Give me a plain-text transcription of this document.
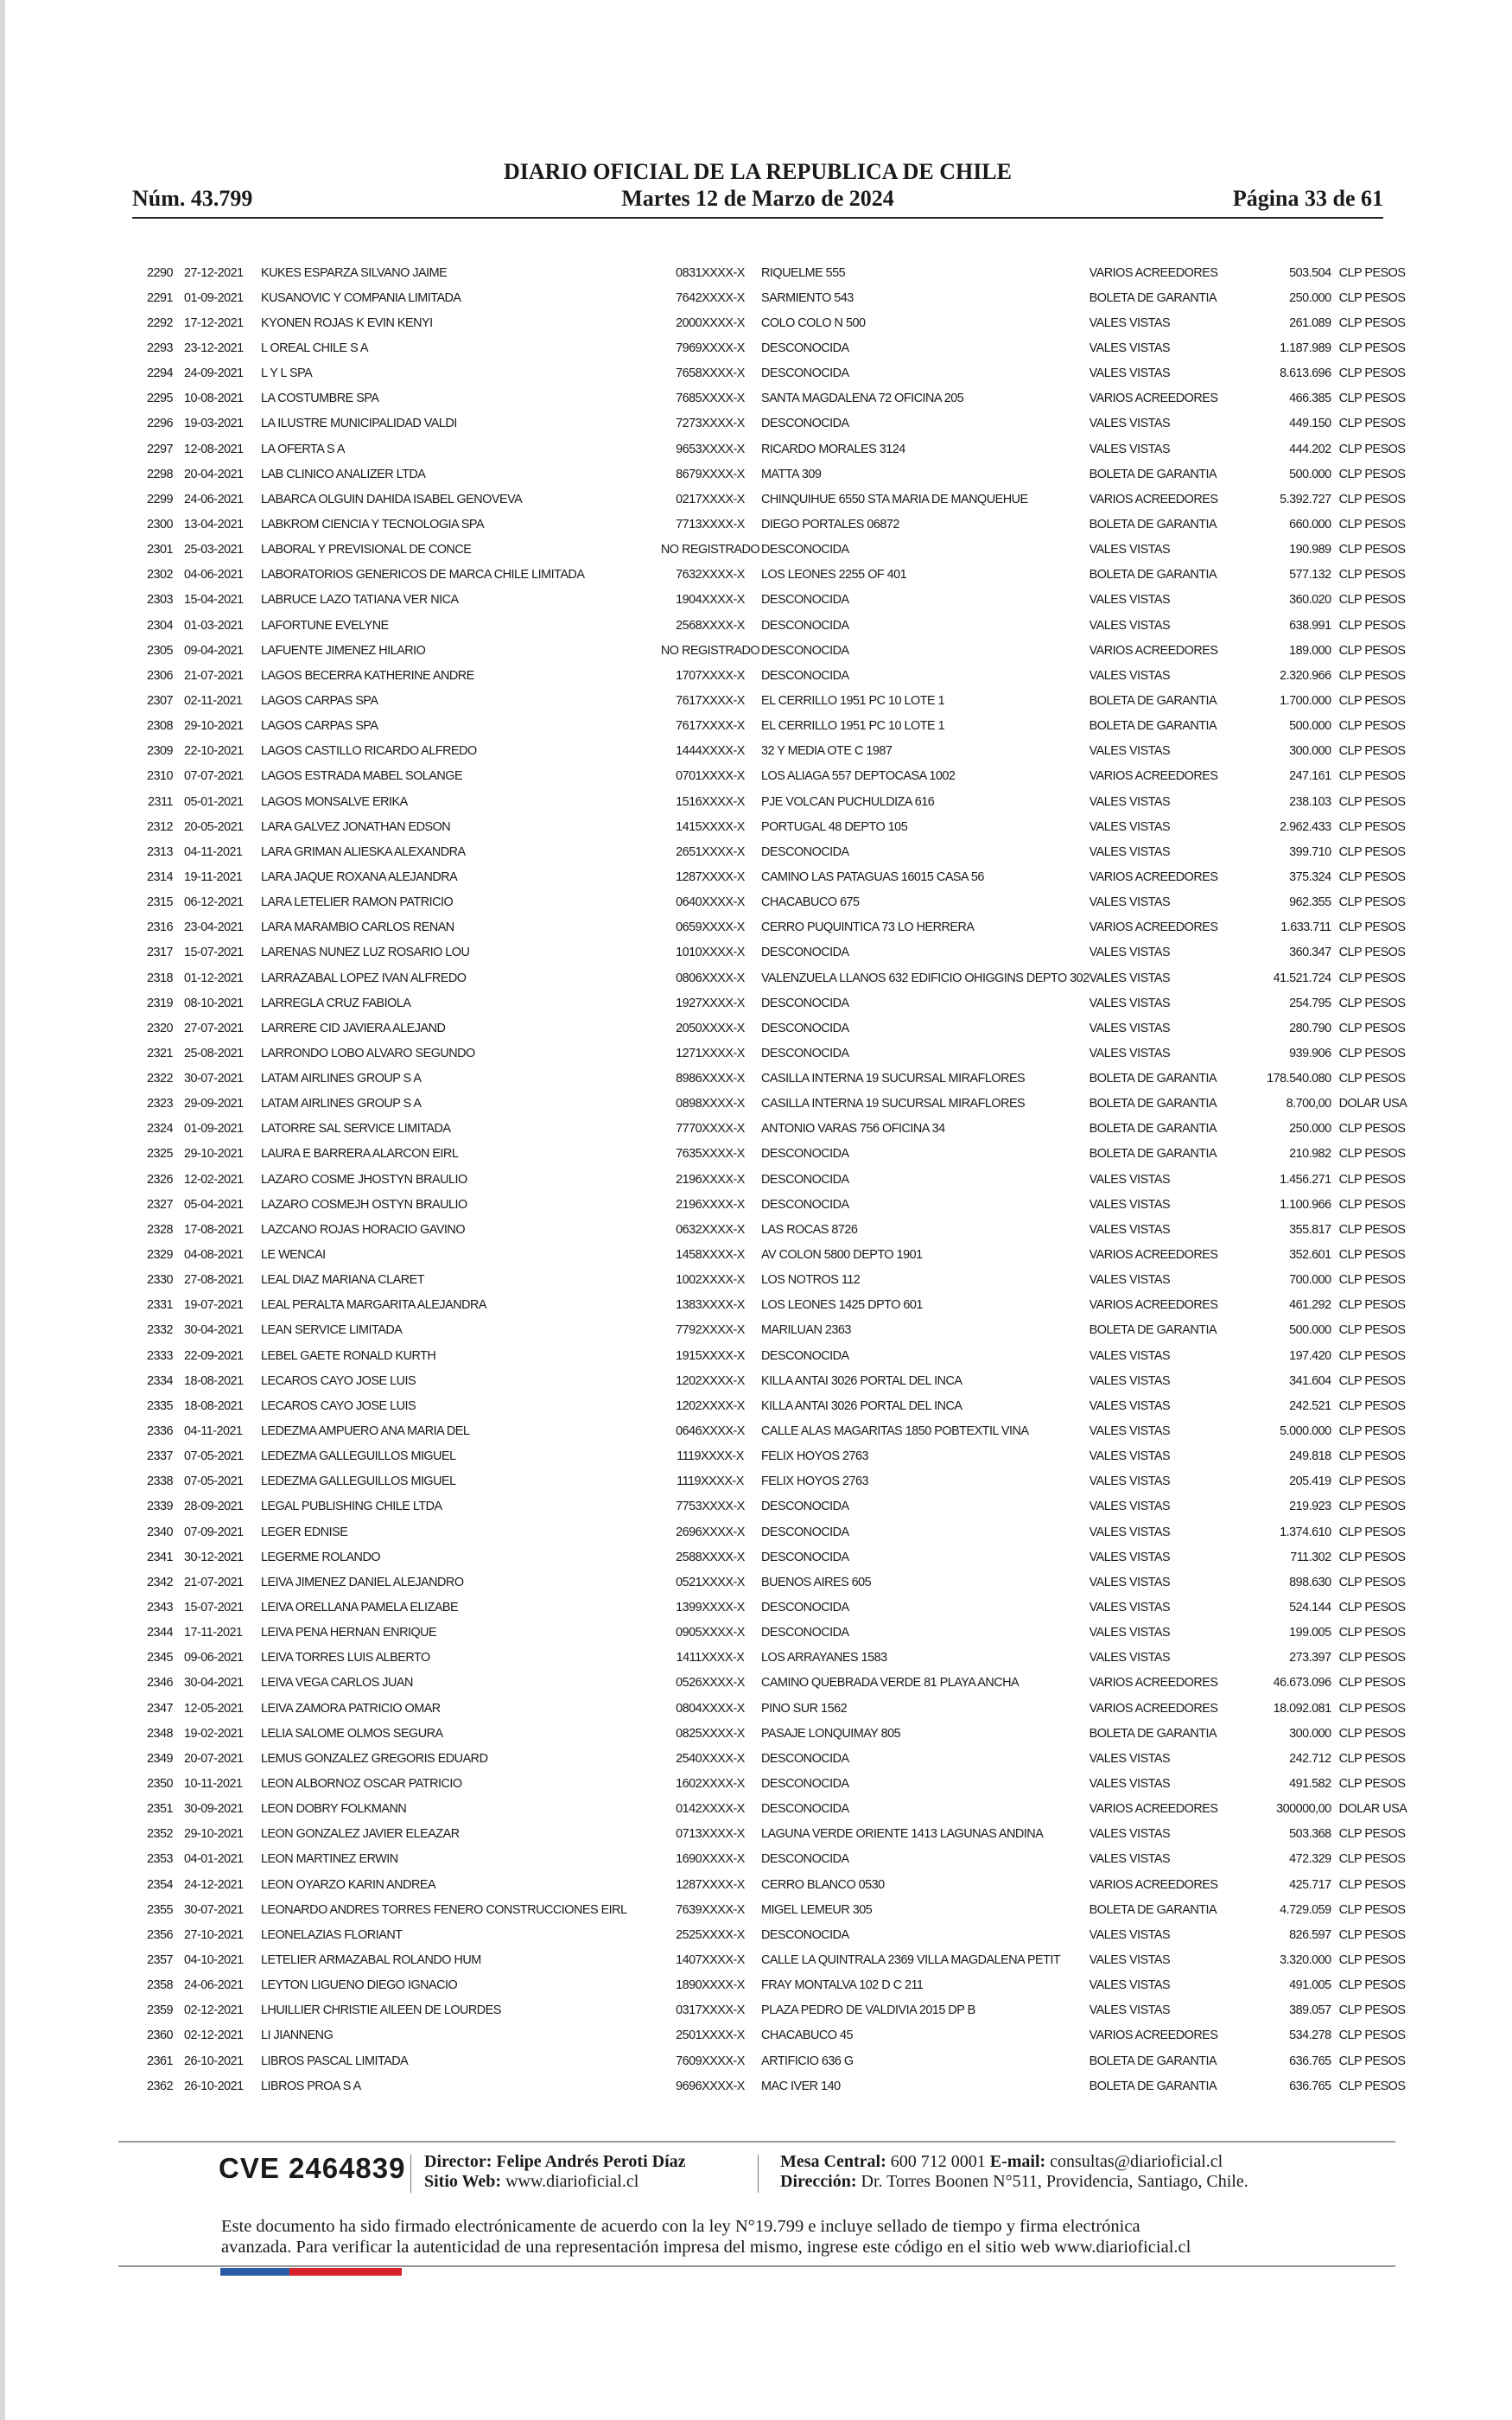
Núm. 43.799
DIARIO OFICIAL DE LA REPUBLICA DE CHILE
Martes 12 de Marzo de 2024	Página 33 de 61
2290	27-12-2021	KUKES ESPARZA SILVANO JAIME	0831XXXX-X	RIQUELME 555	VARIOS ACREEDORES	503.504	CLP PESOS
2291	01-09-2021	KUSANOVIC Y COMPANIA LIMITADA	7642XXXX-X	SARMIENTO 543	BOLETA DE GARANTIA	250.000	CLP PESOS
2292	17-12-2021	KYONEN ROJAS K EVIN KENYI	2000XXXX-X	COLO COLO N 500	VALES VISTAS	261.089	CLP PESOS
2293	23-12-2021	L OREAL CHILE S A	7969XXXX-X	DESCONOCIDA	VALES VISTAS	1.187.989	CLP PESOS
2294	24-09-2021	L Y L SPA	7658XXXX-X	DESCONOCIDA	VALES VISTAS	8.613.696	CLP PESOS
2295	10-08-2021	LA COSTUMBRE SPA	7685XXXX-X	SANTA MAGDALENA 72 OFICINA 205	VARIOS ACREEDORES	466.385	CLP PESOS
2296	19-03-2021	LA ILUSTRE MUNICIPALIDAD VALDI	7273XXXX-X	DESCONOCIDA	VALES VISTAS	449.150	CLP PESOS
2297	12-08-2021	LA OFERTA S A	9653XXXX-X	RICARDO MORALES 3124	VALES VISTAS	444.202	CLP PESOS
2298	20-04-2021	LAB CLINICO ANALIZER LTDA	8679XXXX-X	MATTA 309	BOLETA DE GARANTIA	500.000	CLP PESOS
2299	24-06-2021	LABARCA OLGUIN DAHIDA ISABEL GENOVEVA	0217XXXX-X	CHINQUIHUE 6550 STA MARIA DE MANQUEHUE	VARIOS ACREEDORES	5.392.727	CLP PESOS
2300	13-04-2021	LABKROM CIENCIA Y TECNOLOGIA SPA	7713XXXX-X	DIEGO PORTALES 06872	BOLETA DE GARANTIA	660.000	CLP PESOS
2301	25-03-2021	LABORAL Y PREVISIONAL DE CONCE	NO REGISTRADO	DESCONOCIDA	VALES VISTAS	190.989	CLP PESOS
2302	04-06-2021	LABORATORIOS GENERICOS DE MARCA CHILE LIMITADA	7632XXXX-X	LOS LEONES 2255 OF 401	BOLETA DE GARANTIA	577.132	CLP PESOS
2303	15-04-2021	LABRUCE LAZO TATIANA VER NICA	1904XXXX-X	DESCONOCIDA	VALES VISTAS	360.020	CLP PESOS
2304	01-03-2021	LAFORTUNE EVELYNE	2568XXXX-X	DESCONOCIDA	VALES VISTAS	638.991	CLP PESOS
2305	09-04-2021	LAFUENTE JIMENEZ HILARIO	NO REGISTRADO	DESCONOCIDA	VARIOS ACREEDORES	189.000	CLP PESOS
2306	21-07-2021	LAGOS BECERRA KATHERINE ANDRE	1707XXXX-X	DESCONOCIDA	VALES VISTAS	2.320.966	CLP PESOS
2307	02-11-2021	LAGOS CARPAS SPA	7617XXXX-X	EL CERRILLO 1951 PC 10 LOTE 1	BOLETA DE GARANTIA	1.700.000	CLP PESOS
2308	29-10-2021	LAGOS CARPAS SPA	7617XXXX-X	EL CERRILLO 1951 PC 10 LOTE 1	BOLETA DE GARANTIA	500.000	CLP PESOS
2309	22-10-2021	LAGOS CASTILLO RICARDO ALFREDO	1444XXXX-X	32 Y MEDIA OTE C 1987	VALES VISTAS	300.000	CLP PESOS
2310	07-07-2021	LAGOS ESTRADA MABEL SOLANGE	0701XXXX-X	LOS ALIAGA 557 DEPTOCASA 1002	VARIOS ACREEDORES	247.161	CLP PESOS
2311	05-01-2021	LAGOS MONSALVE ERIKA	1516XXXX-X	PJE VOLCAN PUCHULDIZA 616	VALES VISTAS	238.103	CLP PESOS
2312	20-05-2021	LARA GALVEZ JONATHAN EDSON	1415XXXX-X	PORTUGAL 48 DEPTO 105	VALES VISTAS	2.962.433	CLP PESOS
2313	04-11-2021	LARA GRIMAN ALIESKA ALEXANDRA	2651XXXX-X	DESCONOCIDA	VALES VISTAS	399.710	CLP PESOS
2314	19-11-2021	LARA JAQUE ROXANA ALEJANDRA	1287XXXX-X	CAMINO LAS PATAGUAS 16015 CASA 56	VARIOS ACREEDORES	375.324	CLP PESOS
2315	06-12-2021	LARA LETELIER RAMON PATRICIO	0640XXXX-X	CHACABUCO 675	VALES VISTAS	962.355	CLP PESOS
2316	23-04-2021	LARA MARAMBIO CARLOS RENAN	0659XXXX-X	CERRO PUQUINTICA 73 LO HERRERA	VARIOS ACREEDORES	1.633.711	CLP PESOS
2317	15-07-2021	LARENAS NUNEZ LUZ ROSARIO LOU	1010XXXX-X	DESCONOCIDA	VALES VISTAS	360.347	CLP PESOS
2318	01-12-2021	LARRAZABAL LOPEZ IVAN ALFREDO	0806XXXX-X	VALENZUELA LLANOS 632 EDIFICIO OHIGGINS DEPTO 302	VALES VISTAS	41.521.724	CLP PESOS
2319	08-10-2021	LARREGLA CRUZ FABIOLA	1927XXXX-X	DESCONOCIDA	VALES VISTAS	254.795	CLP PESOS
2320	27-07-2021	LARRERE CID JAVIERA ALEJAND	2050XXXX-X	DESCONOCIDA	VALES VISTAS	280.790	CLP PESOS
2321	25-08-2021	LARRONDO LOBO ALVARO SEGUNDO	1271XXXX-X	DESCONOCIDA	VALES VISTAS	939.906	CLP PESOS
2322	30-07-2021	LATAM AIRLINES GROUP S A	8986XXXX-X	CASILLA INTERNA 19 SUCURSAL MIRAFLORES	BOLETA DE GARANTIA	178.540.080	CLP PESOS
2323	29-09-2021	LATAM AIRLINES GROUP S A	0898XXXX-X	CASILLA INTERNA 19 SUCURSAL MIRAFLORES	BOLETA DE GARANTIA	8.700,00	DOLAR USA
2324	01-09-2021	LATORRE SAL SERVICE LIMITADA	7770XXXX-X	ANTONIO VARAS 756 OFICINA 34	BOLETA DE GARANTIA	250.000	CLP PESOS
2325	29-10-2021	LAURA E BARRERA ALARCON EIRL	7635XXXX-X	DESCONOCIDA	BOLETA DE GARANTIA	210.982	CLP PESOS
2326	12-02-2021	LAZARO COSME JHOSTYN BRAULIO	2196XXXX-X	DESCONOCIDA	VALES VISTAS	1.456.271	CLP PESOS
2327	05-04-2021	LAZARO COSMEJH OSTYN BRAULIO	2196XXXX-X	DESCONOCIDA	VALES VISTAS	1.100.966	CLP PESOS
2328	17-08-2021	LAZCANO ROJAS HORACIO GAVINO	0632XXXX-X	LAS ROCAS 8726	VALES VISTAS	355.817	CLP PESOS
2329	04-08-2021	LE WENCAI	1458XXXX-X	AV COLON 5800 DEPTO 1901	VARIOS ACREEDORES	352.601	CLP PESOS
2330	27-08-2021	LEAL DIAZ MARIANA CLARET	1002XXXX-X	LOS NOTROS 112	VALES VISTAS	700.000	CLP PESOS
2331	19-07-2021	LEAL PERALTA MARGARITA ALEJANDRA	1383XXXX-X	LOS LEONES 1425 DPTO 601	VARIOS ACREEDORES	461.292	CLP PESOS
2332	30-04-2021	LEAN SERVICE LIMITADA	7792XXXX-X	MARILUAN 2363	BOLETA DE GARANTIA	500.000	CLP PESOS
2333	22-09-2021	LEBEL GAETE RONALD KURTH	1915XXXX-X	DESCONOCIDA	VALES VISTAS	197.420	CLP PESOS
2334	18-08-2021	LECAROS CAYO JOSE LUIS	1202XXXX-X	KILLA ANTAI 3026 PORTAL DEL INCA	VALES VISTAS	341.604	CLP PESOS
2335	18-08-2021	LECAROS CAYO JOSE LUIS	1202XXXX-X	KILLA ANTAI 3026 PORTAL DEL INCA	VALES VISTAS	242.521	CLP PESOS
2336	04-11-2021	LEDEZMA AMPUERO ANA MARIA DEL	0646XXXX-X	CALLE ALAS MAGARITAS 1850 POBTEXTIL VINA	VALES VISTAS	5.000.000	CLP PESOS
2337	07-05-2021	LEDEZMA GALLEGUILLOS MIGUEL	1119XXXX-X	FELIX HOYOS 2763	VALES VISTAS	249.818	CLP PESOS
2338	07-05-2021	LEDEZMA GALLEGUILLOS MIGUEL	1119XXXX-X	FELIX HOYOS 2763	VALES VISTAS	205.419	CLP PESOS
2339	28-09-2021	LEGAL PUBLISHING CHILE LTDA	7753XXXX-X	DESCONOCIDA	VALES VISTAS	219.923	CLP PESOS
2340	07-09-2021	LEGER EDNISE	2696XXXX-X	DESCONOCIDA	VALES VISTAS	1.374.610	CLP PESOS
2341	30-12-2021	LEGERME ROLANDO	2588XXXX-X	DESCONOCIDA	VALES VISTAS	711.302	CLP PESOS
2342	21-07-2021	LEIVA JIMENEZ DANIEL ALEJANDRO	0521XXXX-X	BUENOS AIRES 605	VALES VISTAS	898.630	CLP PESOS
2343	15-07-2021	LEIVA ORELLANA PAMELA ELIZABE	1399XXXX-X	DESCONOCIDA	VALES VISTAS	524.144	CLP PESOS
2344	17-11-2021	LEIVA PENA HERNAN ENRIQUE	0905XXXX-X	DESCONOCIDA	VALES VISTAS	199.005	CLP PESOS
2345	09-06-2021	LEIVA TORRES LUIS ALBERTO	1411XXXX-X	LOS ARRAYANES 1583	VALES VISTAS	273.397	CLP PESOS
2346	30-04-2021	LEIVA VEGA CARLOS JUAN	0526XXXX-X	CAMINO QUEBRADA VERDE 81 PLAYA ANCHA	VARIOS ACREEDORES	46.673.096	CLP PESOS
2347	12-05-2021	LEIVA ZAMORA PATRICIO OMAR	0804XXXX-X	PINO SUR 1562	VARIOS ACREEDORES	18.092.081	CLP PESOS
2348	19-02-2021	LELIA SALOME OLMOS SEGURA	0825XXXX-X	PASAJE LONQUIMAY 805	BOLETA DE GARANTIA	300.000	CLP PESOS
2349	20-07-2021	LEMUS GONZALEZ GREGORIS EDUARD	2540XXXX-X	DESCONOCIDA	VALES VISTAS	242.712	CLP PESOS
2350	10-11-2021	LEON ALBORNOZ OSCAR PATRICIO	1602XXXX-X	DESCONOCIDA	VALES VISTAS	491.582	CLP PESOS
2351	30-09-2021	LEON DOBRY FOLKMANN	0142XXXX-X	DESCONOCIDA	VARIOS ACREEDORES	300000,00	DOLAR USA
2352	29-10-2021	LEON GONZALEZ JAVIER ELEAZAR	0713XXXX-X	LAGUNA VERDE ORIENTE 1413 LAGUNAS ANDINA	VALES VISTAS	503.368	CLP PESOS
2353	04-01-2021	LEON MARTINEZ ERWIN	1690XXXX-X	DESCONOCIDA	VALES VISTAS	472.329	CLP PESOS
2354	24-12-2021	LEON OYARZO KARIN ANDREA	1287XXXX-X	CERRO BLANCO 0530	VARIOS ACREEDORES	425.717	CLP PESOS
2355	30-07-2021	LEONARDO ANDRES TORRES FENERO CONSTRUCCIONES EIRL	7639XXXX-X	MIGEL LEMEUR 305	BOLETA DE GARANTIA	4.729.059	CLP PESOS
2356	27-10-2021	LEONELAZIAS FLORIANT	2525XXXX-X	DESCONOCIDA	VALES VISTAS	826.597	CLP PESOS
2357	04-10-2021	LETELIER ARMAZABAL ROLANDO HUM	1407XXXX-X	CALLE LA QUINTRALA 2369 VILLA MAGDALENA PETIT	VALES VISTAS	3.320.000	CLP PESOS
2358	24-06-2021	LEYTON LIGUENO DIEGO IGNACIO	1890XXXX-X	FRAY MONTALVA 102 D C 211	VALES VISTAS	491.005	CLP PESOS
2359	02-12-2021	LHUILLIER CHRISTIE AILEEN DE LOURDES	0317XXXX-X	PLAZA PEDRO DE VALDIVIA 2015 DP B	VALES VISTAS	389.057	CLP PESOS
2360	02-12-2021	LI JIANNENG	2501XXXX-X	CHACABUCO 45	VARIOS ACREEDORES	534.278	CLP PESOS
2361	26-10-2021	LIBROS PASCAL LIMITADA	7609XXXX-X	ARTIFICIO 636 G	BOLETA DE GARANTIA	636.765	CLP PESOS
2362	26-10-2021	LIBROS PROA S A	9696XXXX-X	MAC IVER 140	BOLETA DE GARANTIA	636.765	CLP PESOS
CVE 2464839 Director: Felipe Andrés Peroti Díaz
Sitio Web: www.diarioficial.cl
Mesa Central: 600 712 0001 E-mail: consultas@diarioficial.cl
Dirección: Dr. Torres Boonen N°511, Providencia, Santiago, Chile.
Este documento ha sido firmado electrónicamente de acuerdo con la ley N°19.799 e incluye sellado de tiempo y firma electrónica
avanzada. Para verificar la autenticidad de una representación impresa del mismo, ingrese este código en el sitio web www.diarioficial.cl
